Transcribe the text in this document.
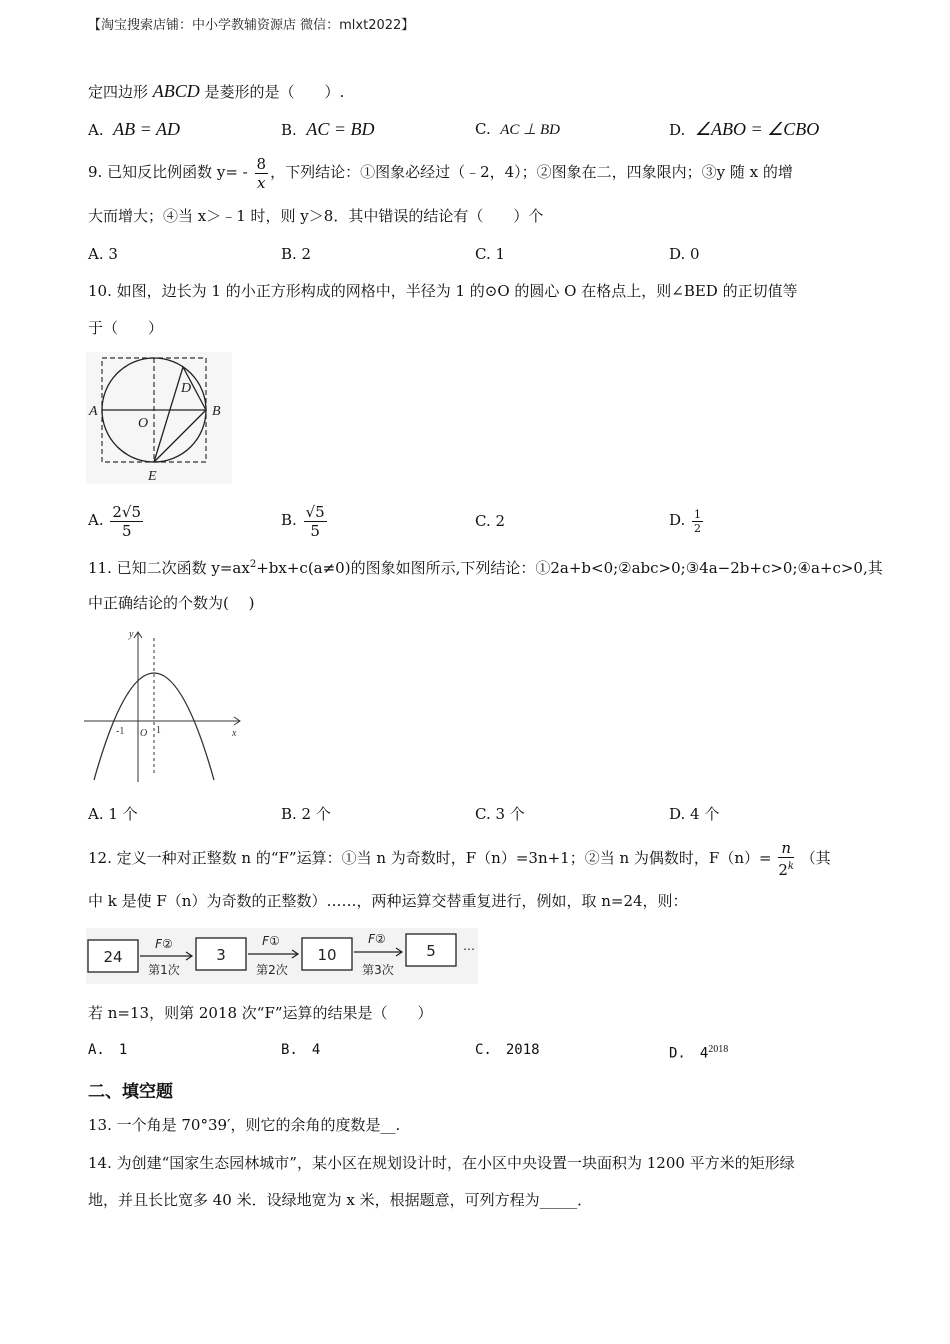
【淘宝搜索店铺：中小学教辅资源店 微信：mlxt2022】
定四边形 ABCD 是菱形的是（　　）.
A. AB = AD	B. AC = BD	C. AC ⊥ BD	D. ∠ABO = ∠CBO
9. 已知反比例函数 $y= - \frac{8}{x}$ ，下列结论：①图象必经过（﹣2，4）；②图象在二，四象限内；③y 随 x 的增
大而增大；④当 x＞﹣1 时，则 y＞8．其中错误的结论有（　　）个
A. 3	B. 2	C. 1	D. 0
10. 如图，边长为 1 的小正方形构成的网格中，半径为 1 的⊙O 的圆心 O 在格点上，则∠BED 的正切值等
于（　　）
A	B
D
O
E
A. $\frac{2√5}{5}$	B. $\frac{√5}{5}$	C. 2	D. $\frac{1}{2}$
11. 已知二次函数 $y=ax^2+bx+c(a\ne 0)$的图象如图所示,下列结论：①2a+b<0;②abc>0;③4a−2b+c>0;④a+c>0,其
中正确结论的个数为(　 )
y
x
O
-1	1
A. 1 个	B. 2 个	C. 3 个	D. 4 个
12. 定义一种对正整数 n 的“F”运算：①当 n 为奇数时，F（n）=3n+1；②当 n 为偶数时，$F(n)= \frac{n}{2^k}$ （其
中 k 是使 F（n）为奇数的正整数）……，两种运算交替重复进行，例如，取 n=24，则：
24	3	10	5
F②	F①	F②
第1次	第2次	第3次
…
若 n=13，则第 2018 次“F”运算的结果是（　　）
A.　1	B.　4	C.　2018	D.　$4^{2018}$
二、填空题
13. 一个角是 70°39′，则它的余角的度数是__.
14. 为创建“国家生态园林城市”，某小区在规划设计时，在小区中央设置一块面积为 1200 平方米的矩形绿
地，并且长比宽多 40 米．设绿地宽为 x 米，根据题意，可列方程为_____．
